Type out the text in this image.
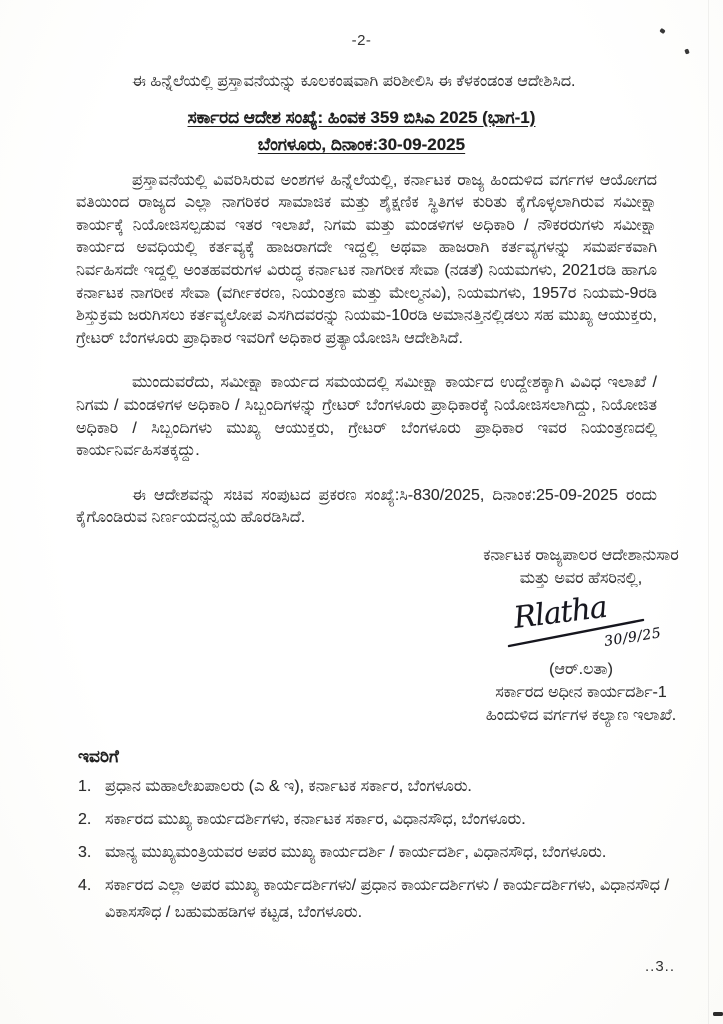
-2-

ಈ ಹಿನ್ನೆಲೆಯಲ್ಲಿ ಪ್ರಸ್ತಾವನೆಯನ್ನು ಕೂಲಕಂಷವಾಗಿ ಪರಿಶೀಲಿಸಿ ಈ ಕೆಳಕಂಡಂತ ಆದೇಶಿಸಿದ.

ಸರ್ಕಾರದ ಆದೇಶ ಸಂಖ್ಯೆ: ಹಿಂವಕ 359 ಬಿಸಿಎ 2025 (ಭಾಗ-1)
ಬೆಂಗಳೂರು, ದಿನಾಂಕ:30-09-2025

ಪ್ರಸ್ತಾವನೆಯಲ್ಲಿ ವಿವರಿಸಿರುವ ಅಂಶಗಳ ಹಿನ್ನೆಲೆಯಲ್ಲಿ, ಕರ್ನಾಟಕ ರಾಜ್ಯ ಹಿಂದುಳಿದ ವರ್ಗಗಳ ಆಯೋಗದ ವತಿಯಿಂದ ರಾಜ್ಯದ ಎಲ್ಲಾ ನಾಗರಿಕರ ಸಾಮಾಜಿಕ ಮತ್ತು ಶೈಕ್ಷಣಿಕ ಸ್ಥಿತಿಗಳ ಕುರಿತು ಕೈಗೊಳ್ಳಲಾಗಿರುವ ಸಮೀಕ್ಷಾ ಕಾರ್ಯಕ್ಕೆ ನಿಯೋಜಿಸಲ್ಪಡುವ ಇತರ ಇಲಾಖೆ, ನಿಗಮ ಮತ್ತು ಮಂಡಳಿಗಳ ಅಧಿಕಾರಿ / ನೌಕರರುಗಳು ಸಮೀಕ್ಷಾ ಕಾರ್ಯದ ಅವಧಿಯಲ್ಲಿ ಕರ್ತವ್ಯಕ್ಕೆ ಹಾಜರಾಗದೇ ಇದ್ದಲ್ಲಿ ಅಥವಾ ಹಾಜರಾಗಿ ಕರ್ತವ್ಯಗಳನ್ನು ಸಮರ್ಪಕವಾಗಿ ನಿರ್ವಹಿಸದೇ ಇದ್ದಲ್ಲಿ ಅಂತಹವರುಗಳ ವಿರುದ್ಧ ಕರ್ನಾಟಕ ನಾಗರೀಕ ಸೇವಾ (ನಡತೆ) ನಿಯಮಗಳು, 2021ರಡಿ ಹಾಗೂ ಕರ್ನಾಟಕ ನಾಗರೀಕ ಸೇವಾ (ವರ್ಗೀಕರಣ, ನಿಯಂತ್ರಣ ಮತ್ತು ಮೇಲ್ಮನವಿ), ನಿಯಮಗಳು, 1957ರ ನಿಯಮ-9ರಡಿ ಶಿಸ್ತುಕ್ರಮ ಜರುಗಿಸಲು ಕರ್ತವ್ಯಲೋಪ ಎಸಗಿದವರನ್ನು ನಿಯಮ-10ರಡಿ ಅಮಾನತ್ತಿನಲ್ಲಿಡಲು ಸಹ ಮುಖ್ಯ ಆಯುಕ್ತರು, ಗ್ರೇಟರ್ ಬೆಂಗಳೂರು ಪ್ರಾಧಿಕಾರ ಇವರಿಗೆ ಅಧಿಕಾರ ಪ್ರತ್ಯಾಯೋಜಿಸಿ ಆದೇಶಿಸಿದೆ.

ಮುಂದುವರೆದು, ಸಮೀಕ್ಷಾ ಕಾರ್ಯದ ಸಮಯದಲ್ಲಿ ಸಮೀಕ್ಷಾ ಕಾರ್ಯದ ಉದ್ದೇಶಕ್ಕಾಗಿ ವಿವಿಧ ಇಲಾಖೆ / ನಿಗಮ / ಮಂಡಳಿಗಳ ಅಧಿಕಾರಿ / ಸಿಬ್ಬಂದಿಗಳನ್ನು ಗ್ರೇಟರ್ ಬೆಂಗಳೂರು ಪ್ರಾಧಿಕಾರಕ್ಕೆ ನಿಯೋಜಿಸಲಾಗಿದ್ದು, ನಿಯೋಜಿತ ಅಧಿಕಾರಿ / ಸಿಬ್ಬಂದಿಗಳು ಮುಖ್ಯ ಆಯುಕ್ತರು, ಗ್ರೇಟರ್ ಬೆಂಗಳೂರು ಪ್ರಾಧಿಕಾರ ಇವರ ನಿಯಂತ್ರಣದಲ್ಲಿ ಕಾರ್ಯನಿರ್ವಹಿಸತಕ್ಕದ್ದು.

ಈ ಆದೇಶವನ್ನು ಸಚಿವ ಸಂಪುಟದ ಪ್ರಕರಣ ಸಂಖ್ಯೆ:ಸಿ-830/2025, ದಿನಾಂಕ:25-09-2025 ರಂದು ಕೈಗೊಂಡಿರುವ ನಿರ್ಣಯದನ್ವಯ ಹೊರಡಿಸಿದೆ.

ಕರ್ನಾಟಕ ರಾಜ್ಯಪಾಲರ ಆದೇಶಾನುಸಾರ
ಮತ್ತು ಅವರ ಹೆಸರಿನಲ್ಲಿ,
Rlatha
30/9/25
(ಆರ್.ಲತಾ)
ಸರ್ಕಾರದ ಅಧೀನ ಕಾರ್ಯದರ್ಶಿ-1
ಹಿಂದುಳಿದ ವರ್ಗಗಳ ಕಲ್ಯಾಣ ಇಲಾಖೆ.
ಇವರಿಗೆ
1. ಪ್ರಧಾನ ಮಹಾಲೇಖಪಾಲರು (ಎ & ಇ), ಕರ್ನಾಟಕ ಸರ್ಕಾರ, ಬೆಂಗಳೂರು.
2. ಸರ್ಕಾರದ ಮುಖ್ಯ ಕಾರ್ಯದರ್ಶಿಗಳು, ಕರ್ನಾಟಕ ಸರ್ಕಾರ, ವಿಧಾನಸೌಧ, ಬೆಂಗಳೂರು.
3. ಮಾನ್ಯ ಮುಖ್ಯಮಂತ್ರಿಯವರ ಅಪರ ಮುಖ್ಯ ಕಾರ್ಯದರ್ಶಿ / ಕಾರ್ಯದರ್ಶಿ, ವಿಧಾನಸೌಧ, ಬೆಂಗಳೂರು.
4. ಸರ್ಕಾರದ ಎಲ್ಲಾ ಅಪರ ಮುಖ್ಯ ಕಾರ್ಯದರ್ಶಿಗಳು/ ಪ್ರಧಾನ ಕಾರ್ಯದರ್ಶಿಗಳು / ಕಾರ್ಯದರ್ಶಿಗಳು, ವಿಧಾನಸೌಧ / ವಿಕಾಸಸೌಧ / ಬಹುಮಹಡಿಗಳ ಕಟ್ಟಡ, ಬೆಂಗಳೂರು.
..3..
